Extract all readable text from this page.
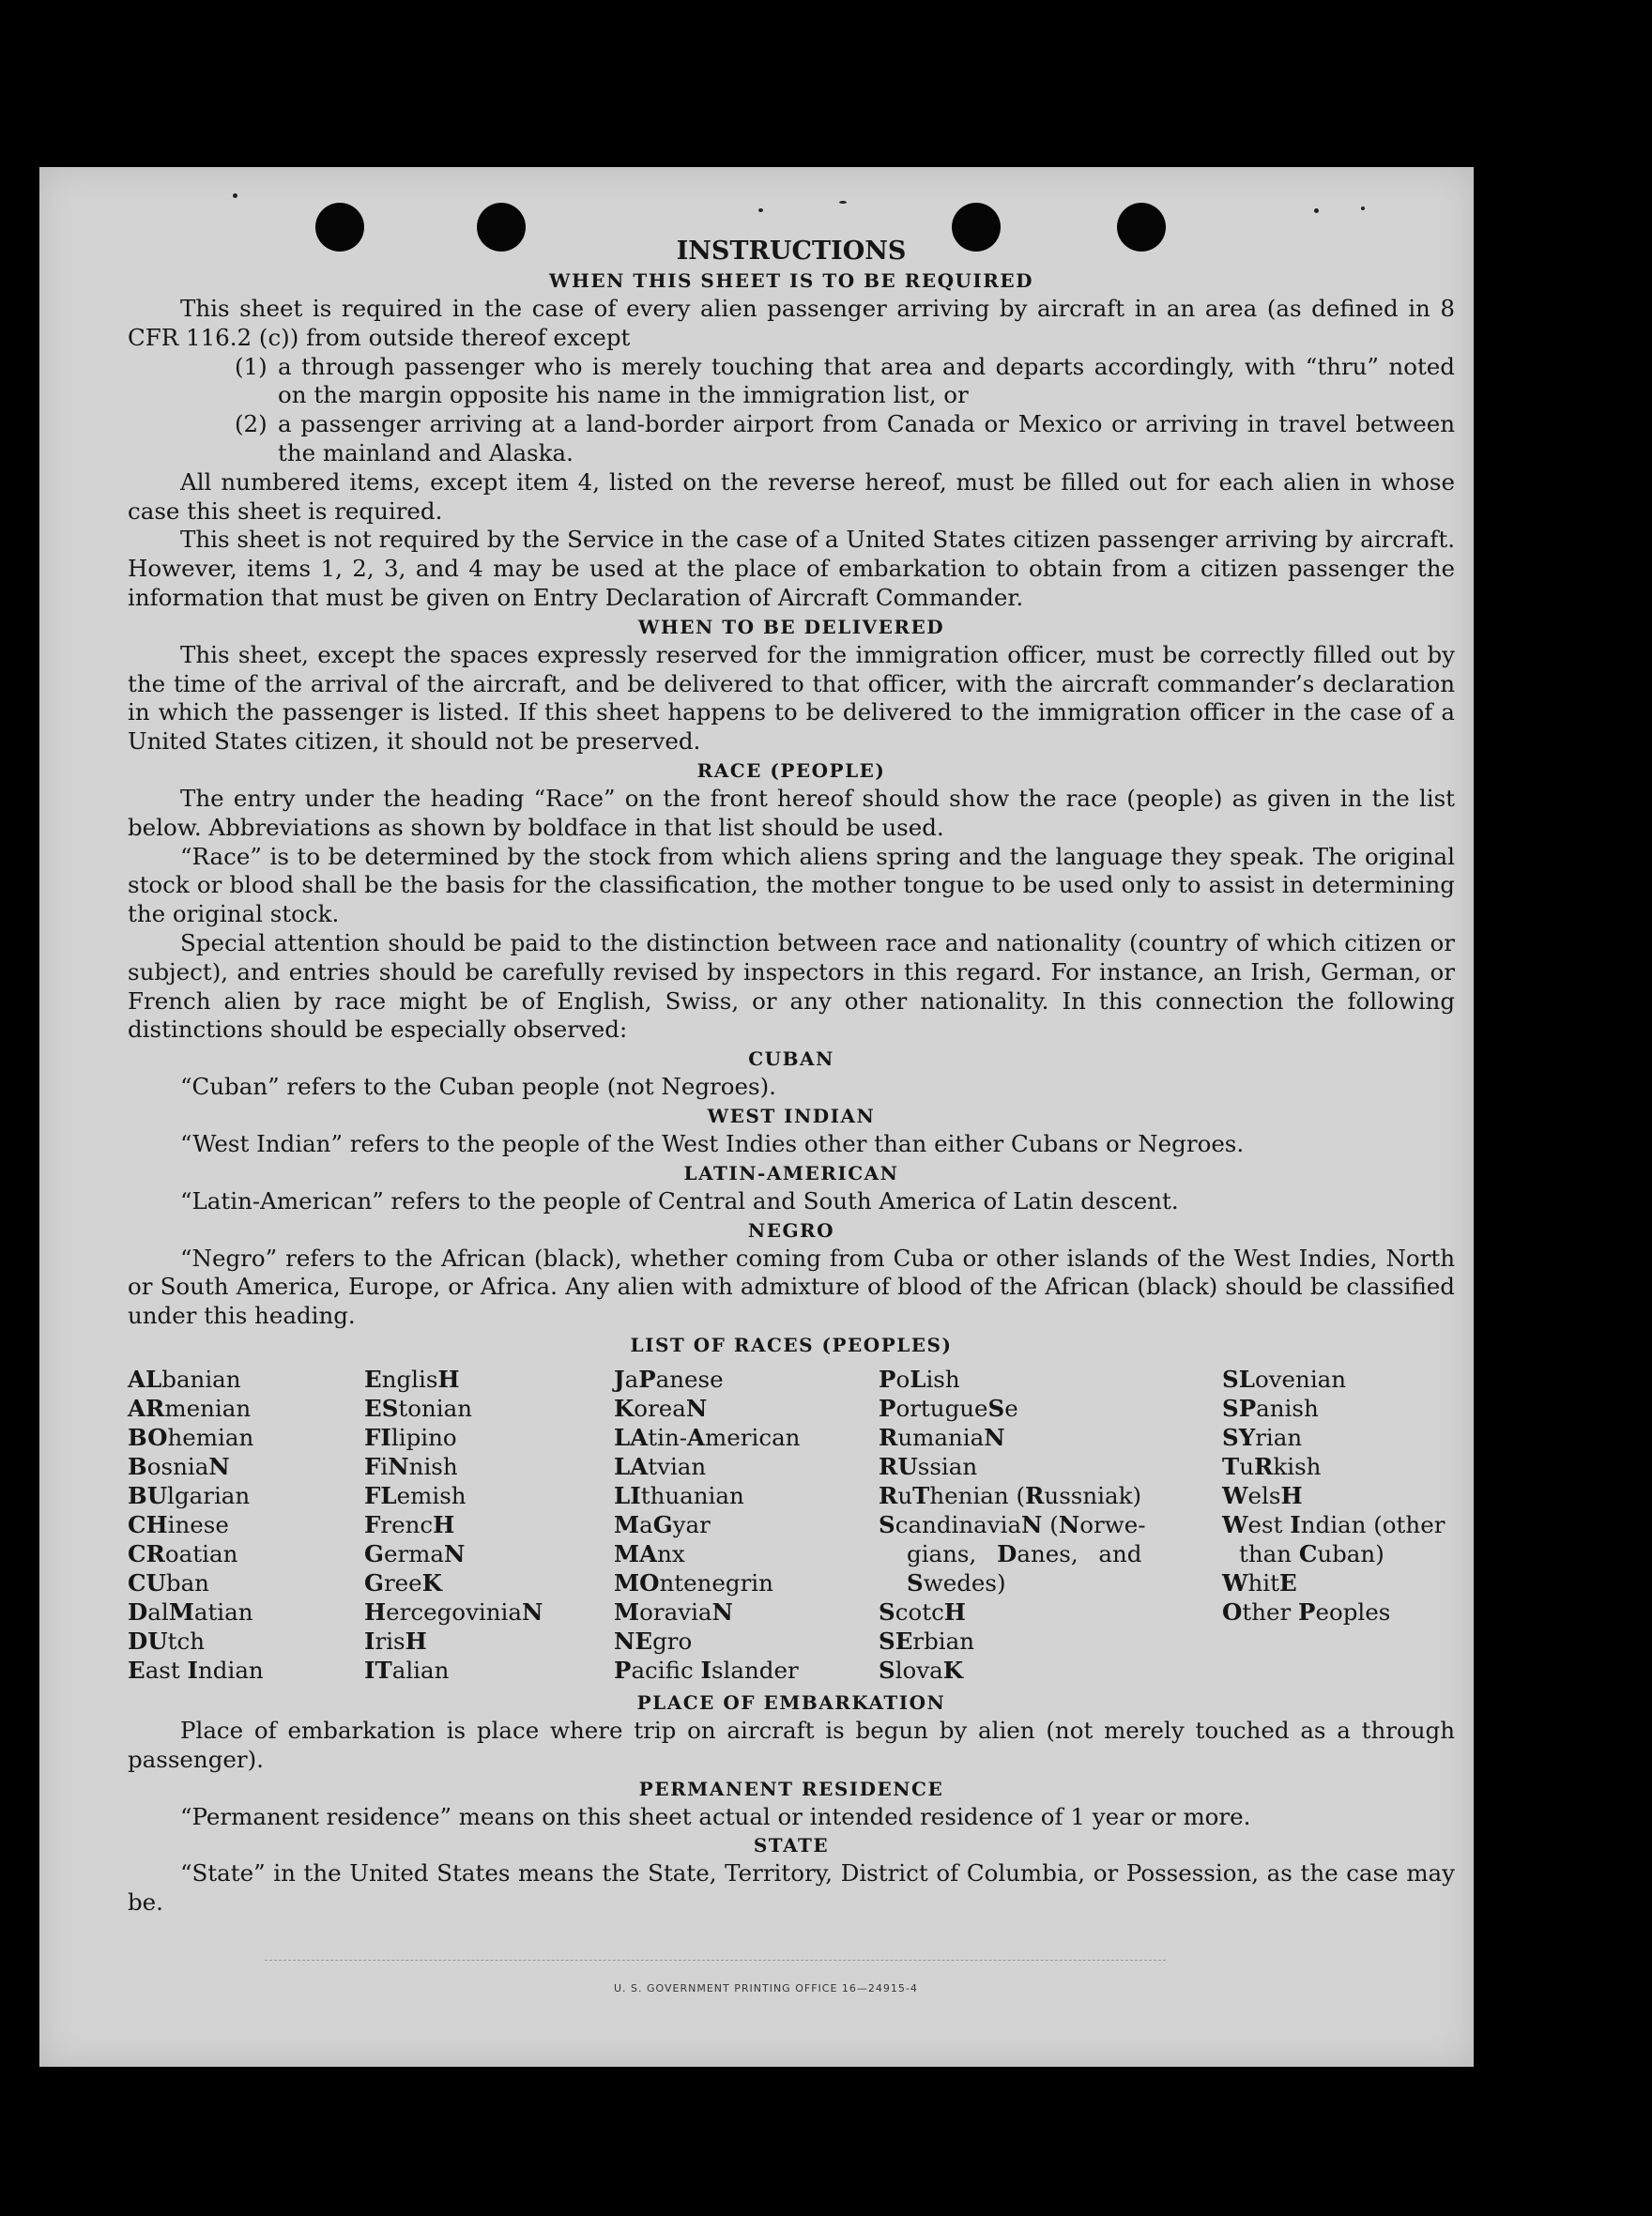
INSTRUCTIONS
WHEN THIS SHEET IS TO BE REQUIRED

This sheet is required in the case of every alien passenger arriving by aircraft in an area (as defined in 8 CFR 116.2 (c)) from outside thereof except

(1) a through passenger who is merely touching that area and departs accordingly, with “thru” noted on the margin opposite his name in the immigration list, or
(2) a passenger arriving at a land-border airport from Canada or Mexico or arriving in travel between the mainland and Alaska.

All numbered items, except item 4, listed on the reverse hereof, must be filled out for each alien in whose case this sheet is required.

This sheet is not required by the Service in the case of a United States citizen passenger arriving by aircraft. However, items 1, 2, 3, and 4 may be used at the place of embarkation to obtain from a citizen passenger the information that must be given on Entry Declaration of Aircraft Commander.

WHEN TO BE DELIVERED

This sheet, except the spaces expressly reserved for the immigration officer, must be correctly filled out by the time of the arrival of the aircraft, and be delivered to that officer, with the aircraft commander’s declaration in which the passenger is listed. If this sheet happens to be delivered to the immigration officer in the case of a United States citizen, it should not be preserved.

RACE (PEOPLE)

The entry under the heading “Race” on the front hereof should show the race (people) as given in the list below. Abbreviations as shown by boldface in that list should be used.

“Race” is to be determined by the stock from which aliens spring and the language they speak. The original stock or blood shall be the basis for the classification, the mother tongue to be used only to assist in determining the original stock.

Special attention should be paid to the distinction between race and nationality (country of which citizen or subject), and entries should be carefully revised by inspectors in this regard. For instance, an Irish, German, or French alien by race might be of English, Swiss, or any other nationality. In this connection the following distinctions should be especially observed:

CUBAN

“Cuban” refers to the Cuban people (not Negroes).

WEST INDIAN

“West Indian” refers to the people of the West Indies other than either Cubans or Negroes.

LATIN-AMERICAN

“Latin-American” refers to the people of Central and South America of Latin descent.

NEGRO

“Negro” refers to the African (black), whether coming from Cuba or other islands of the West Indies, North or South America, Europe, or Africa. Any alien with admixture of blood of the African (black) should be classified under this heading.

LIST OF RACES (PEOPLES)
ALbanian
ARmenian
BOhemian
BosniaN
BUlgarian
CHinese
CRoatian
CUban
DalMatian
DUtch
East Indian
EnglisH
EStonian
FIlipino
FiNnish
FLemish
FrencH
GermaN
GreeK
HercegoviniaN
IrisH
ITalian
JaPanese
KoreaN
LAtin-American
LAtvian
LIthuanian
MaGyar
MAnx
MOntenegrin
MoraviaN
NEgro
Pacifc Islander
PoLish
PortugueSe
RumaniaN
RUssian
RuThenian (Russniak)
ScandinaviaN (Norwe-
gians, Danes, and
Swedes)
ScotcH
SErbian
SlovaK
SLovenian
SPanish
SYrian
TuRkish
WelsH
West Indian (other
than Cuban)
WhitE
Other Peoples
PLACE OF EMBARKATION

Place of embarkation is place where trip on aircraft is begun by alien (not merely touched as a through passenger).

PERMANENT RESIDENCE

“Permanent residence” means on this sheet actual or intended residence of 1 year or more.

STATE

“State” in the United States means the State, Territory, District of Columbia, or Possession, as the case may be.

U. S. GOVERNMENT PRINTING OFFICE 16—24915-4
